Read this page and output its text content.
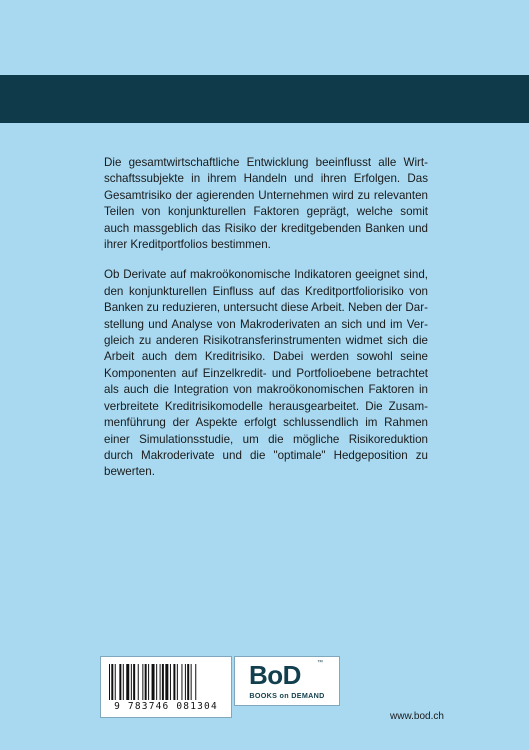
Die gesamtwirtschaftliche Entwicklung beeinflusst alle Wirtschaftssubjekte in ihrem Handeln und ihren Erfolgen. Das Gesamtrisiko der agierenden Unternehmen wird zu relevanten Teilen von konjunkturellen Faktoren geprägt, welche somit auch massgeblich das Risiko der kreditgebenden Banken und ihrer Kreditportfolios bestimmen.

Ob Derivate auf makroökonomische Indikatoren geeignet sind, den konjunkturellen Einfluss auf das Kreditportfoliorisiko von Banken zu reduzieren, untersucht diese Arbeit. Neben der Darstellung und Analyse von Makroderivaten an sich und im Vergleich zu anderen Risikotransferinstrumenten widmet sich die Arbeit auch dem Kreditrisiko. Dabei werden sowohl seine Komponenten auf Einzelkredit- und Portfolioebene betrachtet als auch die Integration von makroökonomischen Faktoren in verbreitete Kreditrisikomodelle herausgearbeitet. Die Zusammenführung der Aspekte erfolgt schlussendlich im Rahmen einer Simulationsstudie, um die mögliche Risikoreduktion durch Makroderivate und die "optimale" Hedgeposition zu bewerten.

9 783746 081304
BoD	™
BOOKS on DEMAND
www.bod.ch
